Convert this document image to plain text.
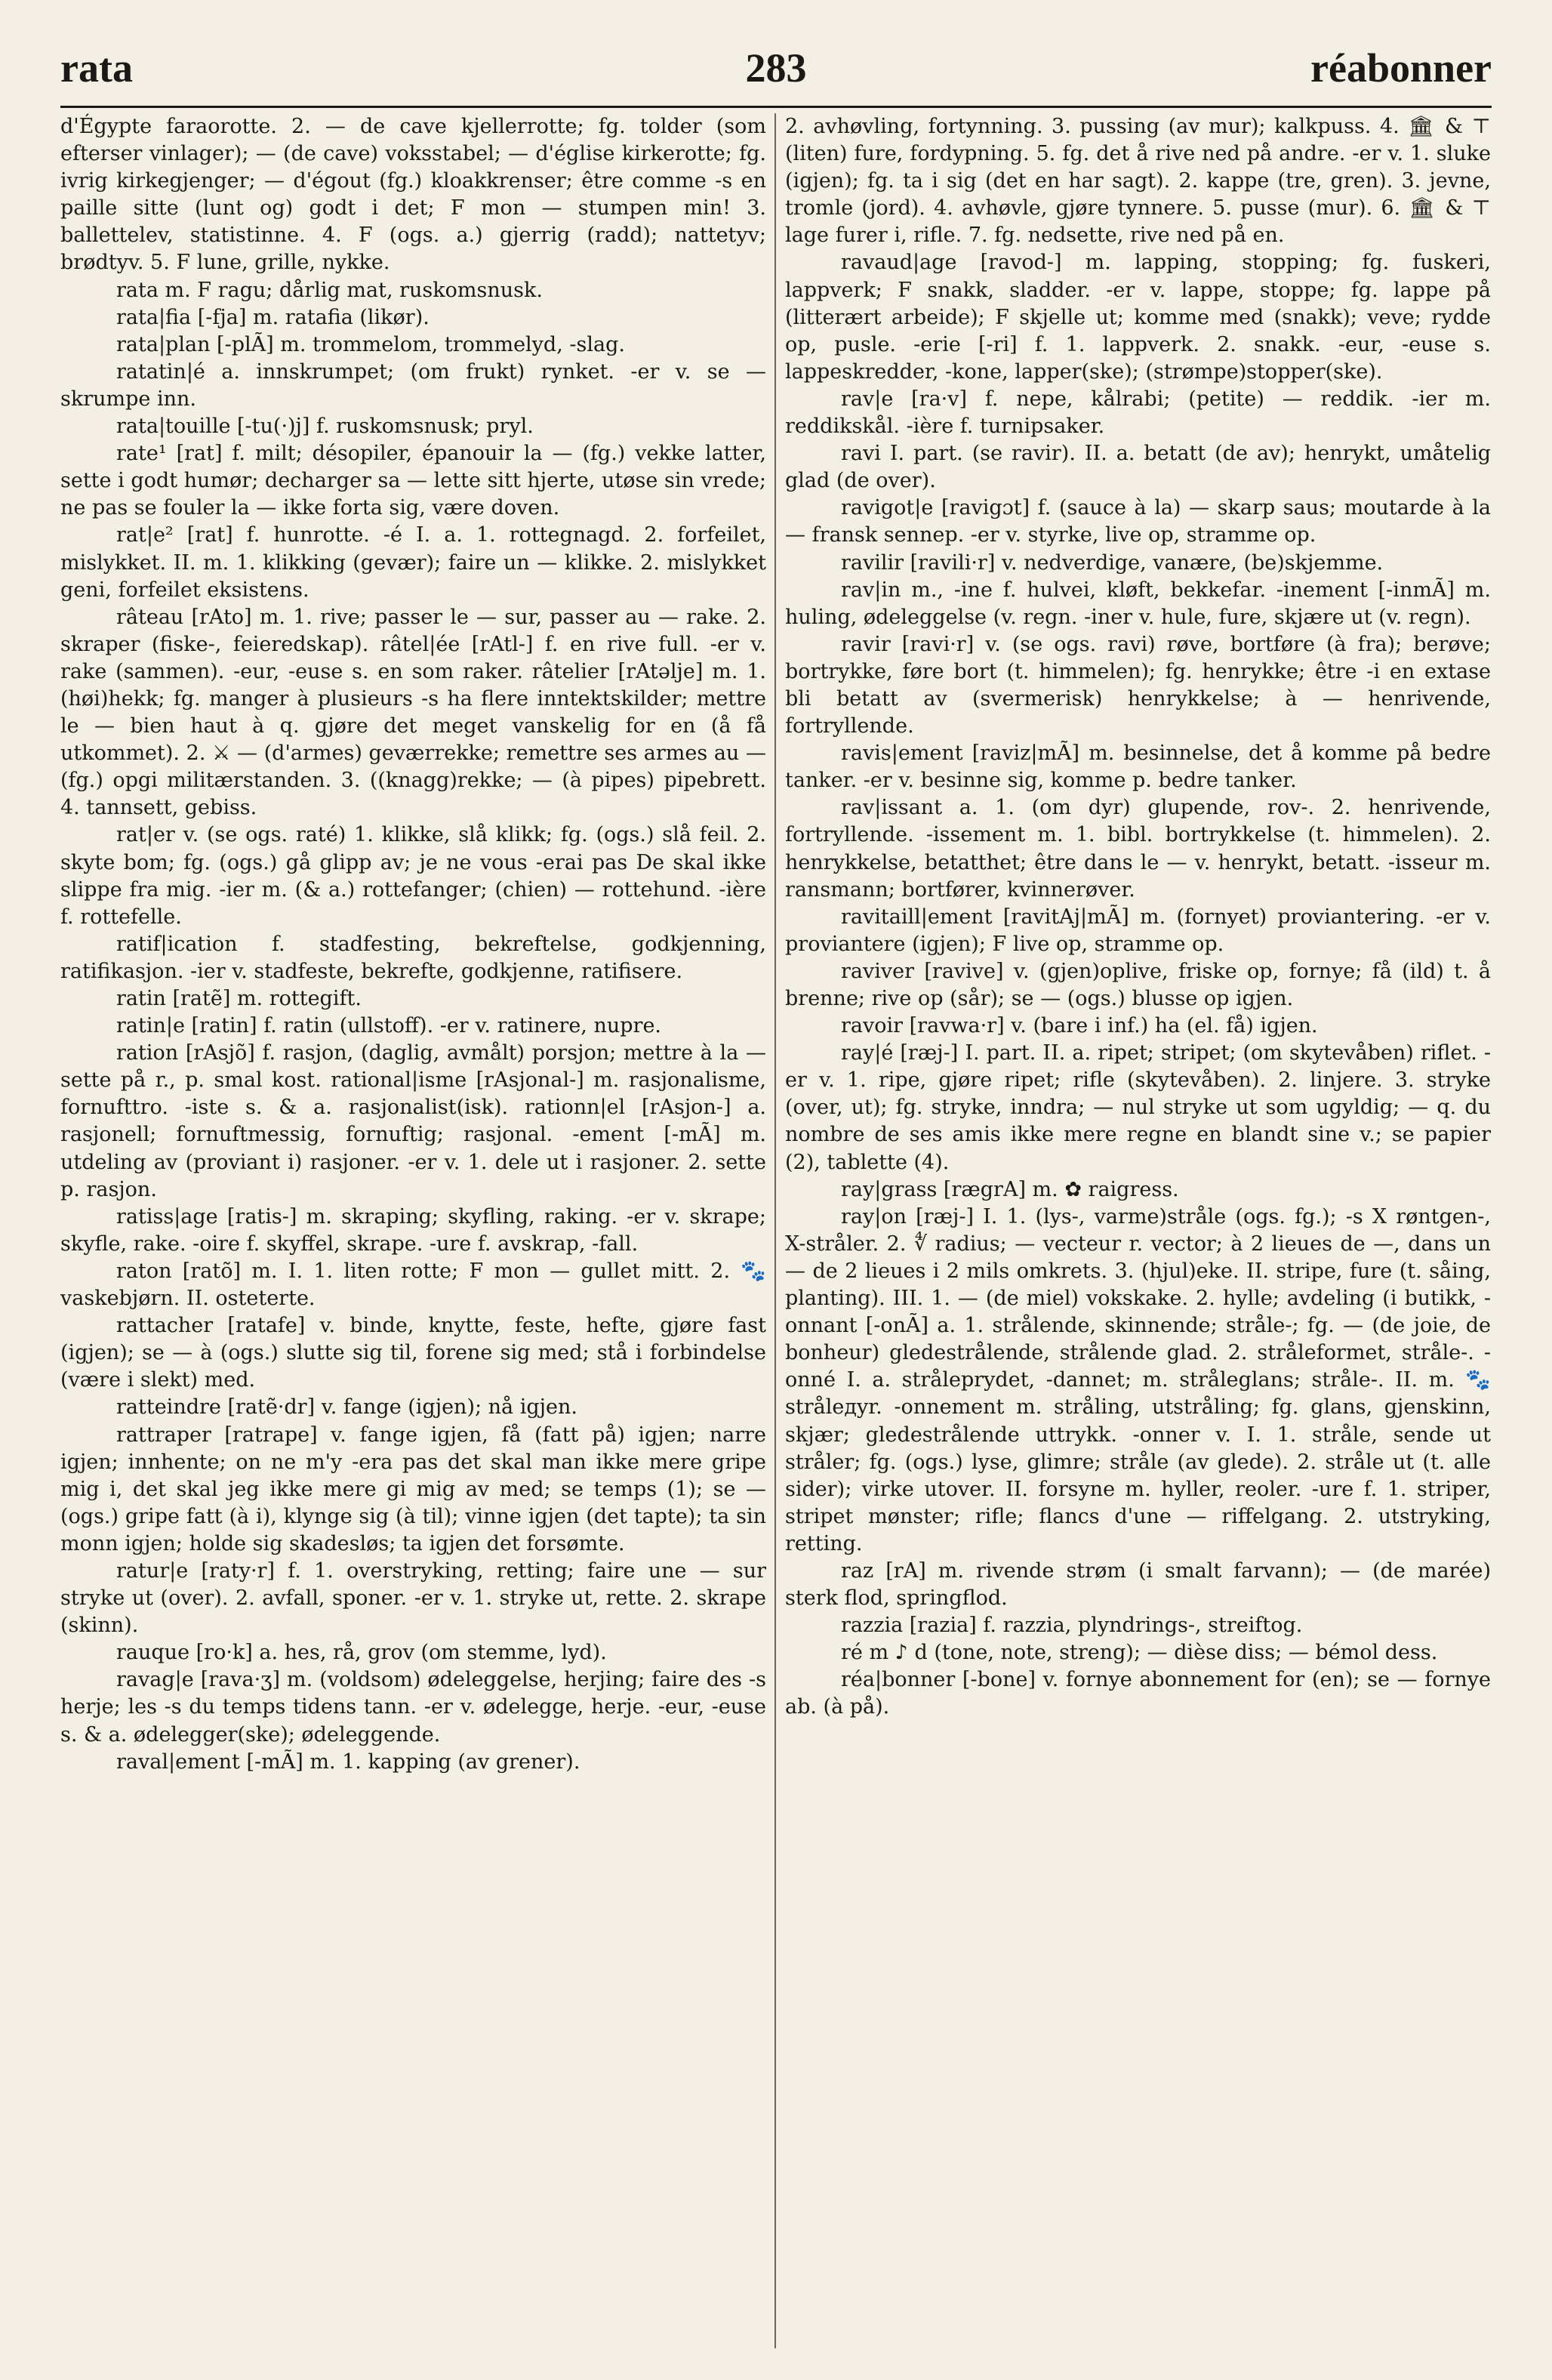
rata	283	réabonner

d'Égypte faraorotte. 2. — de cave kjellerrotte; fg. tolder (som efterser vinlager); — (de cave) voksstabel; — d'église kirkerotte; fg. ivrig kirkegjenger; — d'égout (fg.) kloakkrenser; être comme -s en paille sitte (lunt og) godt i det; F mon — stumpen min! 3. ballettelev, statistinne. 4. F (ogs. a.) gjerrig (radd); nattetyv; brødtyv. 5. F lune, grille, nykke.

rata m. F ragu; dårlig mat, ruskomsnusk.

rata|fia [-fja] m. ratafia (likør).

rata|plan [-plÃ] m. trommelom, trommelyd, -slag.

ratatin|é a. innskrumpet; (om frukt) rynket. -er v. se — skrumpe inn.

rata|touille [-tu(·)j] f. ruskomsnusk; pryl.

rate¹ [rat] f. milt; désopiler, épanouir la — (fg.) vekke latter, sette i godt humør; decharger sa — lette sitt hjerte, utøse sin vrede; ne pas se fouler la — ikke forta sig, være doven.

rat|e² [rat] f. hunrotte. -é I. a. 1. rottegnagd. 2. forfeilet, mislykket. II. m. 1. klikking (gevær); faire un — klikke. 2. mislykket geni, forfeilet eksistens.

râteau [rAto] m. 1. rive; passer le — sur, passer au — rake. 2. skraper (fiske-, feieredskap). râtel|ée [rAtl-] f. en rive full. -er v. rake (sammen). -eur, -euse s. en som raker. râtelier [rAtǝlje] m. 1. (høi)hekk; fg. manger à plusieurs -s ha flere inntektskilder; mettre le — bien haut à q. gjøre det meget vanskelig for en (å få utkommet). 2. ⚔ — (d'armes) geværrekke; remettre ses armes au — (fg.) opgi militærstanden. 3. ((knagg)rekke; — (à pipes) pipebrett. 4. tannsett, gebiss.

rat|er v. (se ogs. raté) 1. klikke, slå klikk; fg. (ogs.) slå feil. 2. skyte bom; fg. (ogs.) gå glipp av; je ne vous -erai pas De skal ikke slippe fra mig. -ier m. (& a.) rottefanger; (chien) — rottehund. -ière f. rottefelle.

ratif|ication f. stadfesting, bekreftelse, godkjenning, ratifikasjon. -ier v. stadfeste, bekrefte, godkjenne, ratifisere.

ratin [ratẽ] m. rottegift.

ratin|e [ratin] f. ratin (ullstoff). -er v. ratinere, nupre.

ration [rAsjõ] f. rasjon, (daglig, avmålt) porsjon; mettre à la — sette på r., p. smal kost. rational|isme [rAsjonal-] m. rasjonalisme, fornufttro. -iste s. & a. rasjonalist(isk). rationn|el [rAsjon-] a. rasjonell; fornuftmessig, fornuftig; rasjonal. -ement [-mÃ] m. utdeling av (proviant i) rasjoner. -er v. 1. dele ut i rasjoner. 2. sette p. rasjon.

ratiss|age [ratis-] m. skraping; skyfling, raking. -er v. skrape; skyfle, rake. -oire f. skyffel, skrape. -ure f. avskrap, -fall.

raton [ratõ] m. I. 1. liten rotte; F mon — gullet mitt. 2. 🐾 vaskebjørn. II. osteterte.

rattacher [ratafe] v. binde, knytte, feste, hefte, gjøre fast (igjen); se — à (ogs.) slutte sig til, forene sig med; stå i forbindelse (være i slekt) med.

ratteindre [ratẽ·dr] v. fange (igjen); nå igjen.

rattraper [ratrape] v. fange igjen, få (fatt på) igjen; narre igjen; innhente; on ne m'y -era pas det skal man ikke mere gripe mig i, det skal jeg ikke mere gi mig av med; se temps (1); se — (ogs.) gripe fatt (à i), klynge sig (à til); vinne igjen (det tapte); ta sin monn igjen; holde sig skadesløs; ta igjen det forsømte.

ratur|e [raty·r] f. 1. overstryking, retting; faire une — sur stryke ut (over). 2. avfall, sponer. -er v. 1. stryke ut, rette. 2. skrape (skinn).

rauque [ro·k] a. hes, rå, grov (om stemme, lyd).

ravag|e [rava·ʒ] m. (voldsom) ødeleggelse, herjing; faire des -s herje; les -s du temps tidens tann. -er v. ødelegge, herje. -eur, -euse s. & a. ødelegger(ske); ødeleggende.

raval|ement [-mÃ] m. 1. kapping (av grener).

2. avhøvling, fortynning. 3. pussing (av mur); kalkpuss. 4. 🏛 & ⊤ (liten) fure, fordypning. 5. fg. det å rive ned på andre. -er v. 1. sluke (igjen); fg. ta i sig (det en har sagt). 2. kappe (tre, gren). 3. jevne, tromle (jord). 4. avhøvle, gjøre tynnere. 5. pusse (mur). 6. 🏛 & ⊤ lage furer i, rifle. 7. fg. nedsette, rive ned på en.

ravaud|age [ravod-] m. lapping, stopping; fg. fuskeri, lappverk; F snakk, sladder. -er v. lappe, stoppe; fg. lappe på (litterært arbeide); F skjelle ut; komme med (snakk); veve; rydde op, pusle. -erie [-ri] f. 1. lappverk. 2. snakk. -eur, -euse s. lappeskredder, -kone, lapper(ske); (strømpe)stopper(ske).

rav|e [ra·v] f. nepe, kålrabi; (petite) — reddik. -ier m. reddikskål. -ière f. turnipsaker.

ravi I. part. (se ravir). II. a. betatt (de av); henrykt, umåtelig glad (de over).

ravigot|e [ravigɔt] f. (sauce à la) — skarp saus; moutarde à la — fransk sennep. -er v. styrke, live op, stramme op.

ravilir [ravili·r] v. nedverdige, vanære, (be)skjemme.

rav|in m., -ine f. hulvei, kløft, bekkefar. -inement [-inmÃ] m. huling, ødeleggelse (v. regn. -iner v. hule, fure, skjære ut (v. regn).

ravir [ravi·r] v. (se ogs. ravi) røve, bortføre (à fra); berøve; bortrykke, føre bort (t. himmelen); fg. henrykke; être -i en extase bli betatt av (svermerisk) henrykkelse; à — henrivende, fortryllende.

ravis|ement [raviz|mÃ] m. besinnelse, det å komme på bedre tanker. -er v. besinne sig, komme p. bedre tanker.

rav|issant a. 1. (om dyr) glupende, rov-. 2. henrivende, fortryllende. -issement m. 1. bibl. bortrykkelse (t. himmelen). 2. henrykkelse, betatthet; être dans le — v. henrykt, betatt. -isseur m. ransmann; bortfører, kvinnerøver.

ravitaill|ement [ravitAj|mÃ] m. (fornyet) proviantering. -er v. proviantere (igjen); F live op, stramme op.

raviver [ravive] v. (gjen)oplive, friske op, fornye; få (ild) t. å brenne; rive op (sår); se — (ogs.) blusse op igjen.

ravoir [ravwa·r] v. (bare i inf.) ha (el. få) igjen.

ray|é [ræj-] I. part. II. a. ripet; stripet; (om skytevåben) riflet. -er v. 1. ripe, gjøre ripet; rifle (skytevåben). 2. linjere. 3. stryke (over, ut); fg. stryke, inndra; — nul stryke ut som ugyldig; — q. du nombre de ses amis ikke mere regne en blandt sine v.; se papier (2), tablette (4).

ray|grass [rægrA] m. ✿ raigress.

ray|on [ræj-] I. 1. (lys-, varme)stråle (ogs. fg.); -s X røntgen-, X-stråler. 2. ∜ radius; — vecteur r. vector; à 2 lieues de —, dans un — de 2 lieues i 2 mils omkrets. 3. (hjul)eke. II. stripe, fure (t. såing, planting). III. 1. — (de miel) vokskake. 2. hylle; avdeling (i butikk, -onnant [-onÃ] a. 1. strålende, skinnende; stråle-; fg. — (de joie, de bonheur) gledestrålende, strålende glad. 2. stråleformet, stråle-. -onné I. a. stråleprydet, -dannet; m. stråleglans; stråle-. II. m. 🐾 strålедyr. -onnement m. stråling, utstråling; fg. glans, gjenskinn, skjær; gledestrålende uttrykk. -onner v. I. 1. stråle, sende ut stråler; fg. (ogs.) lyse, glimre; stråle (av glede). 2. stråle ut (t. alle sider); virke utover. II. forsyne m. hyller, reoler. -ure f. 1. striper, stripet mønster; rifle; flancs d'une — riffelgang. 2. utstryking, retting.

raz [rA] m. rivende strøm (i smalt farvann); — (de marée) sterk flod, springflod.

razzia [razia] f. razzia, plyndrings-, streiftog.

ré m ♪ d (tone, note, streng); — dièse diss; — bémol dess.

réa|bonner [-bone] v. fornye abonnement for (en); se — fornye ab. (à på).
